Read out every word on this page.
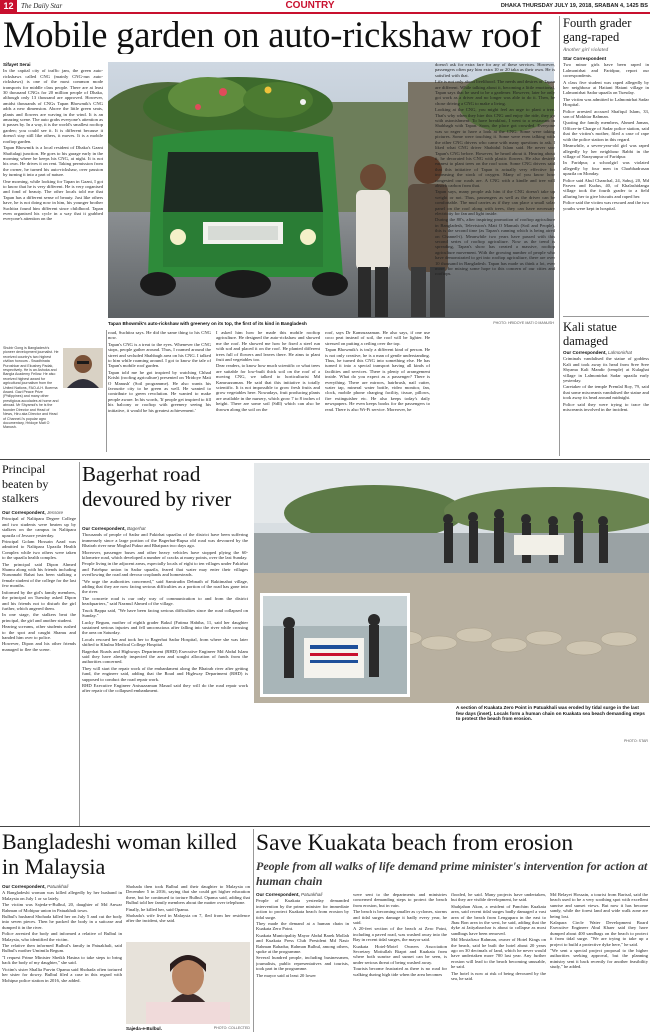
12	The Daily Star	COUNTRY	DHAKA THURSDAY JULY 19, 2018, SRABAN 4, 1425 BS
Mobile garden on auto-rickshaw roof
Sifayet Serai

In the capital city of traffic jam, the green auto-rickshaws called CNG (mainly CNG-run auto-rickshaws) is one of the most common mode transports for middle class people. There are at least 30 thousand CNGs for 20 million people of Dhaka, although only 13 thousand are approved. However, amidst thousands of CNGs Tapan Bhowmik's CNG adds a new dimension. Above the little green seats, plants and flowers are waving in the wind. It is an amazing scene. The auto grabs everyone's attention as it passes by. In a way, it is the world's smallest rooftop garden; you could see it. It is different because it doesn't stay still like others, it moves. It is a mobile rooftop garden.

Tapan Bhowmik is a local resident of Dhaka's Gazni Shaftalagi junction. He goes to his garage early in the morning where he keeps his CNG, at night. It is not his own. He drives it on rent. Taking permission from the owner, he turned his auto-rickshaw, over passion by turning it into a part of nature.

One morning, while looking for Tapan in Gazni, I got to know that he is very different. He is very organised and fond of beauty. The other locals told me that Tapan has a different sense of beauty. Just like others have, he is not doing now in him, his younger brother Suchitra found him different since childhood. Tapan even organised his cycle in a way that it grabbed everyone's attention on the

Tapan Bhowmik's auto-rickshaw with greenery on its top, the first of its kind in Bangladesh	PHOTO: HRIDOYE MATI O MANUSH
Shubir Gong is Bangladesh's pioneer development journalist. He received country's two highest civilian honours - Swadhinata Puroshkar and Ekushey Padak, respectively. He is an Ashoka and Bangla Academy Fellow. He also received highest award for agricultural journalism from the United Nations, FAO-A.H. Boerma Award. Gazi Peace Prize (Philippines) and many other prestigious accolades at home and abroad. Mr Shyamol's he is the founder Director and Head of News, Hiru aka Director and Head of Channel-i's popular agro documentary, Hridoye Mati O Manush.

road, Suchitra says. He did the same thing to his CNG now.

Tapan's CNG is a treat to the eyes. Whenever the CNG stops, people gather around. Thus, I roamed around the street and secluded Shahbagh area on his CNG. I talked to him while roaming around. I got to know the tale of Tapan's mobile roof garden.

Tapan told me he got inspired by watching Chhad Krishi (roofing agriculture) presented on 'Hridoye Mati O Manush' (Soil programme). He also wants his favourite city to be green as well. He wanted to contribute to green revolution. He wanted to make people aware. In his words, 'If people get inspired to fill his balcony or rooftop with greenery seeing his initiative, it would be his greatest achievement.'

I asked him how he made this mobile rooftop agriculture. He designed the auto-rickshaw and showed me the roof. He showed me how he fixed a steel run with sod and placed it on the roof. He planted different trees full of flowers and leaves there. He aims to plant fruit and vegetables too.

Dear readers, to know how much scientific or what trees are suitable for low-built thick soil on the roof of a moving CNG, we talked to horticulturist Md Kamruzzaman. He said that this initiative is totally scientific. It is not impossible to grow fresh fruits and grow vegetables here. Nowadays, fruit producing plants are available in the nursery, which grow 7 to 8 inches of height. There are some soil (Sdll) which can also be thrown along the soil on the

roof, says Dr Kamruzzaman. He also says, if one use coco peat instead of soil, the roof will be lighter. He stressed on putting a ceiling over the top.

Tapan Bhowmik's is truly a different kind of person. He is not only creative, he is a man of gentle understanding. Thus, he turned this CNG into something else. He has turned it into a special transport having all kinds of facilities and services. There is plenty of arrangement inside. What do you expect as a passenger? There is everything. There are mirrors, hairbrush, nail cutter, water tap, mineral water bottle, video monitor, fan, clock, mobile phone charging facility, tissue, pillows, fire extinguisher etc. He also keeps today's daily newspapers. He even keeps books for the passengers to read. There is also Wi-Fi service. Moreover, he

doesn't ask for extra fare for any of these services. However, passengers often pay him extra 10 or 20 taka as their own. He is satisfied with that.

Life is not only about livelihood. The needs and desires of Tapan are different. While talking about it, becoming a little emotional, Tapan says that he used to be a gardener. However, later he only got work as a driver and no longer was able to do it. Then, he chose driving a CNG to make a living.

Looking at the CNG, you might feel an urge to plant a tree. That's why when they hire this CNG and enjoy the ride, they go with astonishment. To have breakfast, I went to a restaurant in Shahbagh with Tapan. Soon, the place got crowded. Everyone was so eager to have a look at the CNG. Some were taking pictures. Some were touching it. Some were even talking with the other CNG drivers who came with many questions to ask. I liked what CNG driver Shahidul Islam said. He never saw Tapan's CNG before. However, he heard about it. Hearing about it, he decorated his CNG with plastic flowers. He also desired earnest to plant trees on the roof soon. Some CNG drivers said that this initiative of Tapan is actually very effective for increasing the stock of oxygen. Many of you know how congested our roads are. A CNG with a kindle and tree will absorb carbon from that.

Tapan says, many people ask him if the CNG doesn't take up weight or not. Thus, passengers as well as the driver can be comfortable. The mud carries as if they can place a small solar panel on the roof along with trees, they can have necessary electricity for fan and light inside.

During the 80's, after inspiring promotion of rooftop agriculture in Bangladesh, Television's Mati O Manush (Soil and People), this is the second time (as Tapan's running which is being aired on Channel-i). Meanwhile two years have passed with this second series of rooftop agriculture. Now as the trend is spreading, Tapan's show has created a massive, rooftop agriculture movement. With the growing number of people who have demonstrated to get into rooftop agriculture, there are over 10 thousand in Bangladesh. Tapan has made us think a lot, ever more, for mixing some hope to this concern of our cities and rooftops.

Fourth grader gang-raped
Another girl violated
Star Correspondent

Two minor girls have been raped in Lalmonirhat and Faridpur, report our correspondents.

A class five student was raped allegedly by her neighbour at Hatiani Hatani village in Lalmonirhat Sadar upazila on Tuesday.

The victim was admitted to Lalmonirhat Sadar Hospital.

Police arrested accused Shafiqul Islam, 33, son of Mokhtar Rahman.

Quoting the family members, Ahmed Jaman, Officer-in-Charge of Sadar police station, said that the victim's mother, filed a case of rape with the police station in this regard.

Meanwhile, a seven-year-old girl was raped allegedly by her neighbour Rabbi in the village of Narayanpur of Faridpur.

In Faridpur, a schoolgirl was violated allegedly by four men in Charbhadrasan upazila on Monday.

Police said Abul Chanchal, 24, Sabuj, 20, Md Parvez and Kudus, 40, of Khalashidanga village took the fourth grader to a field alluring her to give biscuits and raped her.

Police said the victim was rescued and the two youths were kept in hospital.

Kali statue damaged
Our Correspondent, Lalmonirhat

Criminals vandalised the statue of goddess Kali and took away its head from Sree Sree Shyama Kali Mandir (temple) at Kulaghat village in Lalmonirhat Sadar upazila early yesterday.

Caretaker of the temple Premlal Roy, 79, said that some miscreants vandalised the statue and took away its head around midnight.

Police said they were trying to trace the miscreants involved in the incident.

Principal beaten by stalkers
Our Correspondent, Jessore

Principal of Nalitpara Degree College and two students were beaten up by stalkers on the campus in Nalitpara upazila of Jessore yesterday.

Principal Golam Hossain Azad was admitted to Nalitpara Upazila Health Complex while two others were taken to the upazila health complex.

The principal said Dipon Ahmed Shamu along with his friends including Nurunnabi Rahat has been stalking a female student of the college for the last few months.

Informed by the girl's family members, the principal on Tuesday asked Dipon and his friends not to disturb the girl further, which angered them.

In one stage, the stalkers beat the principal, the girl and another student.

Hearing screams, other students rushed to the spot and caught Shamu and handed him over to police.

However, Dipon and his other friends managed to flee the scene.

Bagerhat road devoured by river
Our Correspondent, Bagerhat

Thousands of people of Sadar and Fakirhat upazilas of the district have been suffering immensely since a large portion of the Bagerhat-Rupsa old road was devoured by the Bhairab river near Moghal Pukur and Bhatpara two days ago.

Moreover, passenger buses and other heavy vehicles have stopped plying the 60-kilometre road, which developed a number of cracks at many points, over the last Sunday.

People living in the adjacent areas, especially locals of eight to ten villages under Fakirhat and Fatehpur union in Sadar upazila, feared that water may enter their villages overflowing the road and devour croplands and homesteads.

"We urge the authorities concerned," said Samirudin Debnath of Baktimahat village, adding that they are now facing serious difficulties as a portion of the road has gone into the river.

The concrete road is our only way of communication to and from the district headquarters," said Nazmul Ahmed of the village.

Truck Bappa said, "We have been facing serious difficulties since the road collapsed on Sunday."

Lucky Begum, mother of eighth grader Bakul (Fatima Habiba, 11, said her daughter sustained serious injuries and fell unconscious after falling into the river while crossing the area on Saturday.

Locals rescued her and took her to Bagerhat Sadar Hospital, from where she was later shifted to Khulna Medical College Hospital.

Bagerhat Roads and Highways Department (RHD) Executive Engineer Md Abdul Islam said they have already inspected the area and sought allocation of funds from the authorities concerned.

They will start the repair work of the embankment along the Bhairab river after getting fund, the engineer said, adding that the Road and Highway Department (RHD) is supposed to conduct the road repair work.

RHD Executive Engineer Anisuzzaman Masud said they will do the road repair work after repair of the collapsed embankment.

A section of Kuakata Zero Point in Patuakhali was eroded by tidal surge in the last few days (inset). Locals form a human chain on Kuakata sea beach demanding steps to protect the beach from erosion.
PHOTO: STAR
Bangladeshi woman killed in Malaysia
Our Correspondent, Patuakhali

A Bangladeshi woman was killed allegedly by her husband in Malaysia on July 1 or so lately.

The victim was Sajeda-e-Bulbul, 20, daughter of Md Anwar Rahman of Mohipur union in Patuakhali town.

Bulbul's husband Shohada killed her on July 5 and cut the body into seven pieces. Then he packed the body in a suitcase and dumped it in the river.

Police arrested the body and informed a relative of Bulbul in Malaysia, who identified the victim.

The relative then informed Bulbul's family in Patuakhali, said Bulbul's mother Umimila Begum.

"I request Prime Minister Sheikh Hasina to take steps to bring back the body of my daughter," she said.

Victim's sister Shallia Parvin Opama said Shohada often tortured her sister for dowry. Bulbul filed a case in this regard with Mohipur police station in 2016, she added.

Shohada then took Bulbul and their daughter to Malaysia on December 5 in 2016, saying that she could get higher education there, but he continued to torture Bulbul. Opama said, adding that Bulbul told her family members about the matter over telephone.

Finally, he killed her, said Opama.

Shohada's wife lived in Malaysia on 7, fled from her residence after the incident, she said.

Sajeda-e-Bulbul.	PHOTO: COLLECTED
Save Kuakata beach from erosion
People from all walks of life demand prime minister's intervention for action at human chain
Our Correspondent, Patuakhali

People of Kuakata yesterday demanded intervention by the prime minister for immediate action to protect Kuakata beach from erosion by tidal surge.

They made the demand at a human chain in Kuakata Zero Point.

Kuakata Municipality Mayor Abdul Barek Mollah and Kuakata Press Club President Md Nasir Rahman Bahadur, Rahman Bulbul, among others, spoke at the programme.

Several hundred people, including businessmen, journalists, public representatives and tourists, took part in the programme.

The mayor said at least 20 lower

were sent to the departments and ministries concerned demanding steps to protect the beach from erosion, but in vain.

The beach is becoming smaller as cyclones, storms and tidal surges damage it badly every year, he said.

A 20-feet section of the beach at Zero Point, including a paved road, was washed away into the Bay in recent tidal surges, the mayor said.

Kuakata Hotel-Motel Owners Association Secretary Motiullah Biaprt and Kuakata from where both sunrise and sunset can be seen, is under serious threat of being washed away.

Tourists become frustrated as there is no road for walking during high tide when the area becomes

flooded, he said. Many projects have undertaken, but they are visible development, he said.

Shahjahan Akon, a resident of Panchim Kuakata area, said recent tidal surges badly damaged a vast area of the beach from Lengupara in the east to Jhau Bon area in the west, he said, adding that the dyke at Jatiyabarchar is about to collapse as most sandbags have been removed.

Md Mostafizur Rahman, owner of Hotel Kings on the beach, said he built the hotel about 20 years ago on 30 decimals of land, which he never would have undertaken more 700 last year. Any further erosion will lead to the beach becoming unusable, he said.

The hotel is now at risk of being devoured by the sea, he said.

Md Belayet Hossain, a tourist from Barisal, said the beach used to be a very soothing spot with excellent sunrise and sunset views. But now it has become sandy, while the forest land and wide walk zone are being lost.

Kalapara Circle Water Development Board Executive Engineer Abul Khaer said they have dumped about 400 sandbags on the beach to protect it from tidal surge. "We are trying to take up a project to build a protective dyke here," he said.

"We sent a special project proposal to the higher authorities seeking approval, but the planning ministry sent it back recently for another feasibility study," he added.
